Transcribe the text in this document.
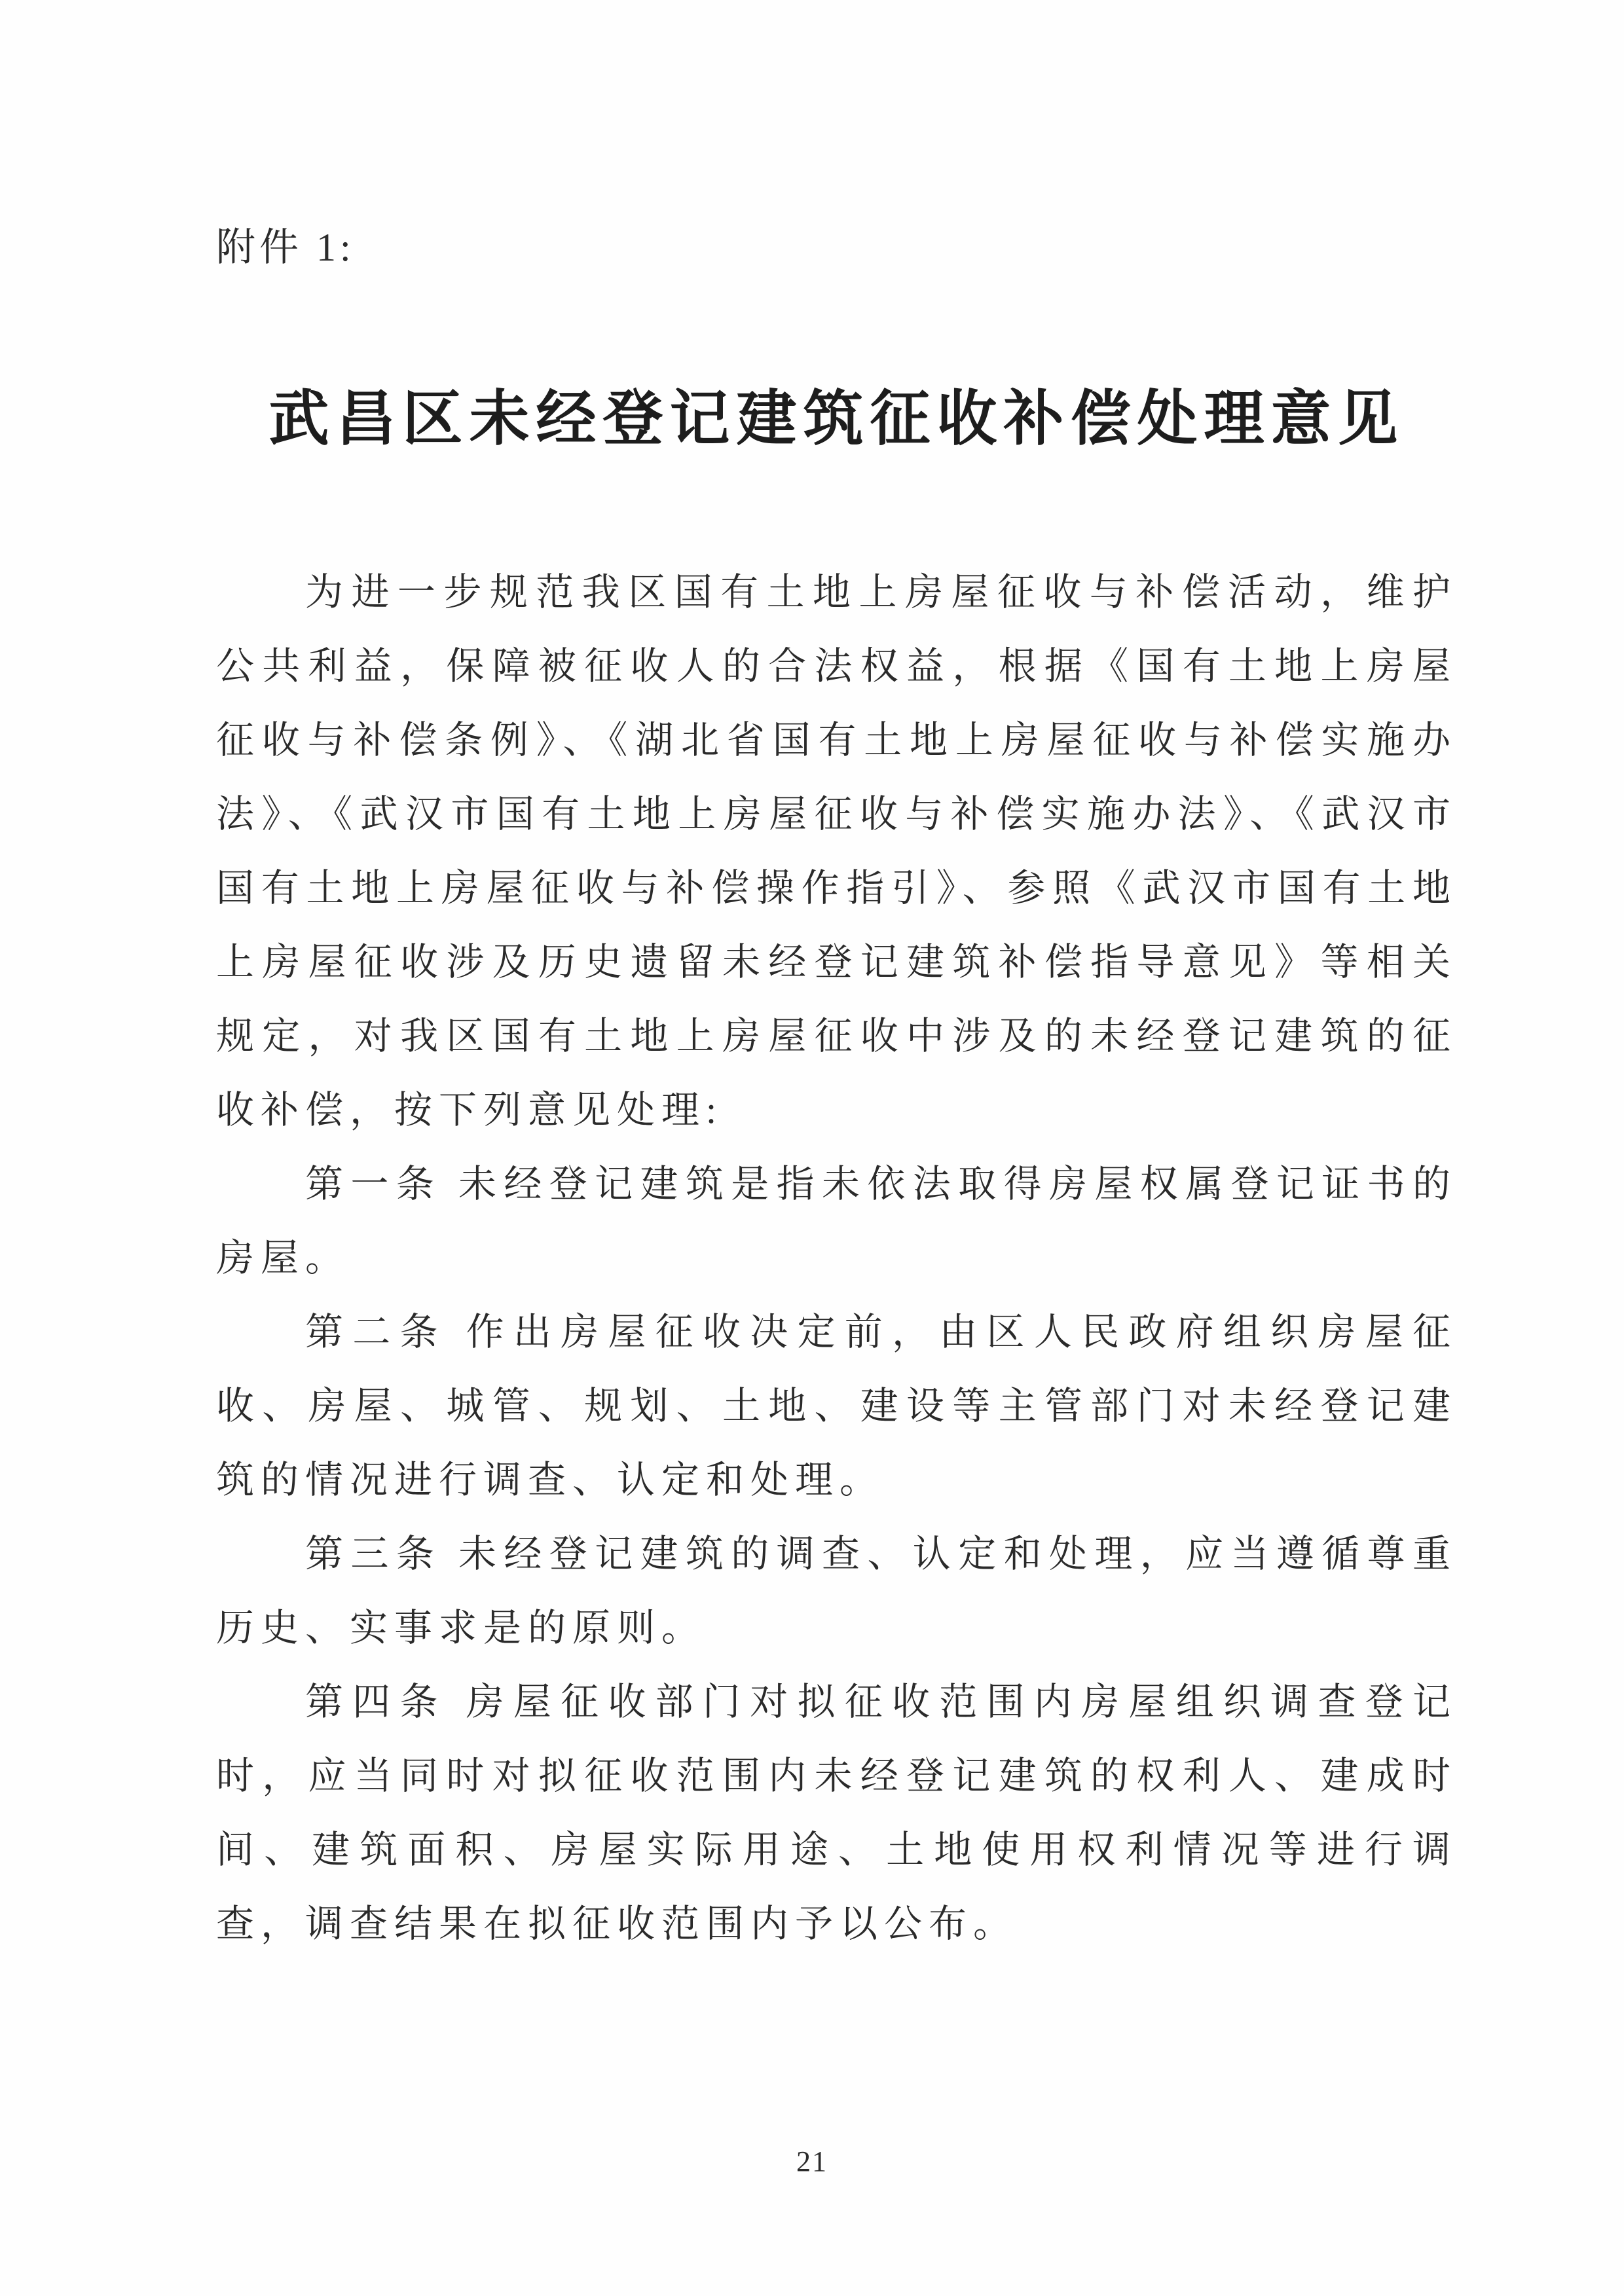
附件 1:
武昌区未经登记建筑征收补偿处理意见

为进一步规范我区国有土地上房屋征收与补偿活动，维护公共利益，保障被征收人的合法权益，根据《国有土地上房屋征收与补偿条例》、《湖北省国有土地上房屋征收与补偿实施办法》、《武汉市国有土地上房屋征收与补偿实施办法》、《武汉市国有土地上房屋征收与补偿操作指引》、参照《武汉市国有土地上房屋征收涉及历史遗留未经登记建筑补偿指导意见》等相关规定，对我区国有土地上房屋征收中涉及的未经登记建筑的征收补偿，按下列意见处理:

第一条 未经登记建筑是指未依法取得房屋权属登记证书的房屋。

第二条 作出房屋征收决定前，由区人民政府组织房屋征收、房屋、城管、规划、土地、建设等主管部门对未经登记建筑的情况进行调查、认定和处理。

第三条 未经登记建筑的调查、认定和处理，应当遵循尊重历史、实事求是的原则。

第四条 房屋征收部门对拟征收范围内房屋组织调查登记时，应当同时对拟征收范围内未经登记建筑的权利人、建成时间、建筑面积、房屋实际用途、土地使用权利情况等进行调查，调查结果在拟征收范围内予以公布。

21
